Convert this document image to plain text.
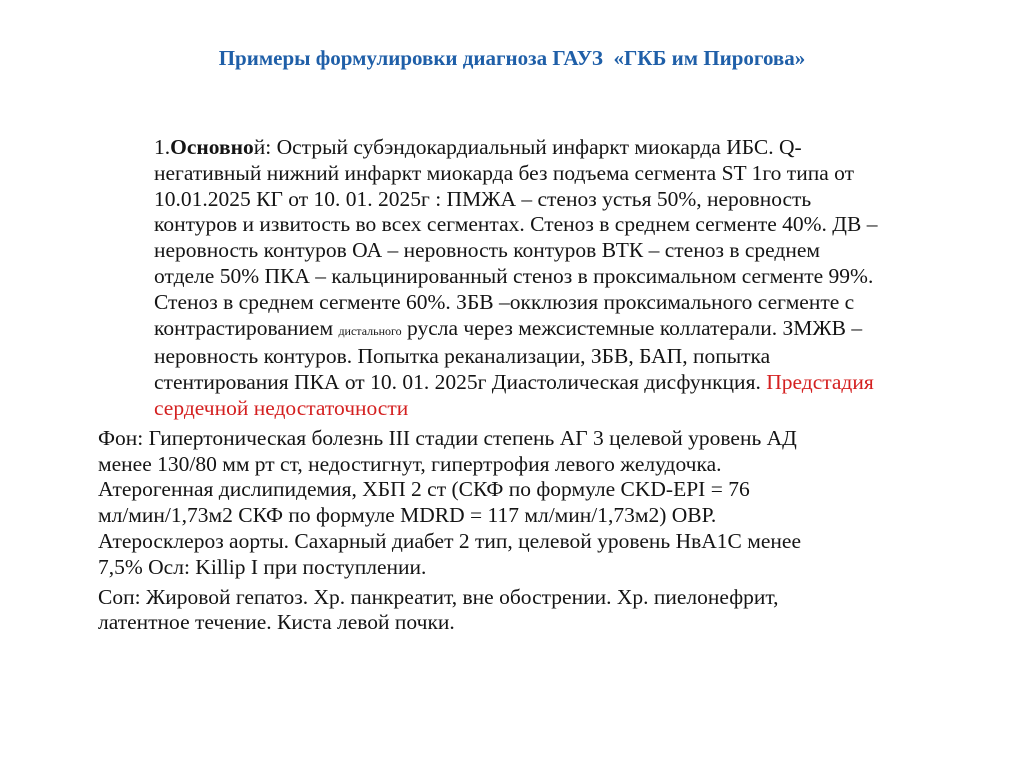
Примеры формулировки диагноза ГАУЗ  «ГКБ им Пирогова»

1.Основной: Острый субэндокардиальный инфаркт миокарда ИБС. Q-
негативный нижний инфаркт миокарда без подъема сегмента ST 1го типа от
10.01.2025 КГ от 10. 01. 2025г : ПМЖА – стеноз устья 50%, неровность
контуров и извитость во всех сегментах. Стеноз в среднем сегменте 40%. ДВ –
неровность контуров ОА – неровность контуров ВТК – стеноз в среднем
отделе 50% ПКА – кальцинированный стеноз в проксимальном сегменте 99%.
Стеноз в среднем сегменте 60%. ЗБВ –окклюзия проксимального сегменте с
контрастированием дистального русла через межсистемные коллатерали. ЗМЖВ –
неровность контуров. Попытка реканализации, ЗБВ, БАП, попытка
стентирования ПКА от 10. 01. 2025г Диастолическая дисфункция. Предстадия
сердечной недостаточности

Фон: Гипертоническая болезнь III стадии степень АГ 3 целевой уровень АД
менее 130/80 мм рт ст, недостигнут, гипертрофия левого желудочка.
Атерогенная дислипидемия, ХБП 2 ст (СКФ по формуле CKD-EPI = 76
мл/мин/1,73м2 СКФ по формуле MDRD = 117 мл/мин/1,73м2) ОВР.
Атеросклероз аорты. Сахарный диабет 2 тип, целевой уровень НвА1С менее
7,5% Осл: Killip I при поступлении.

Соп: Жировой гепатоз. Хр. панкреатит, вне обострении. Хр. пиелонефрит,
латентное течение. Киста левой почки.
